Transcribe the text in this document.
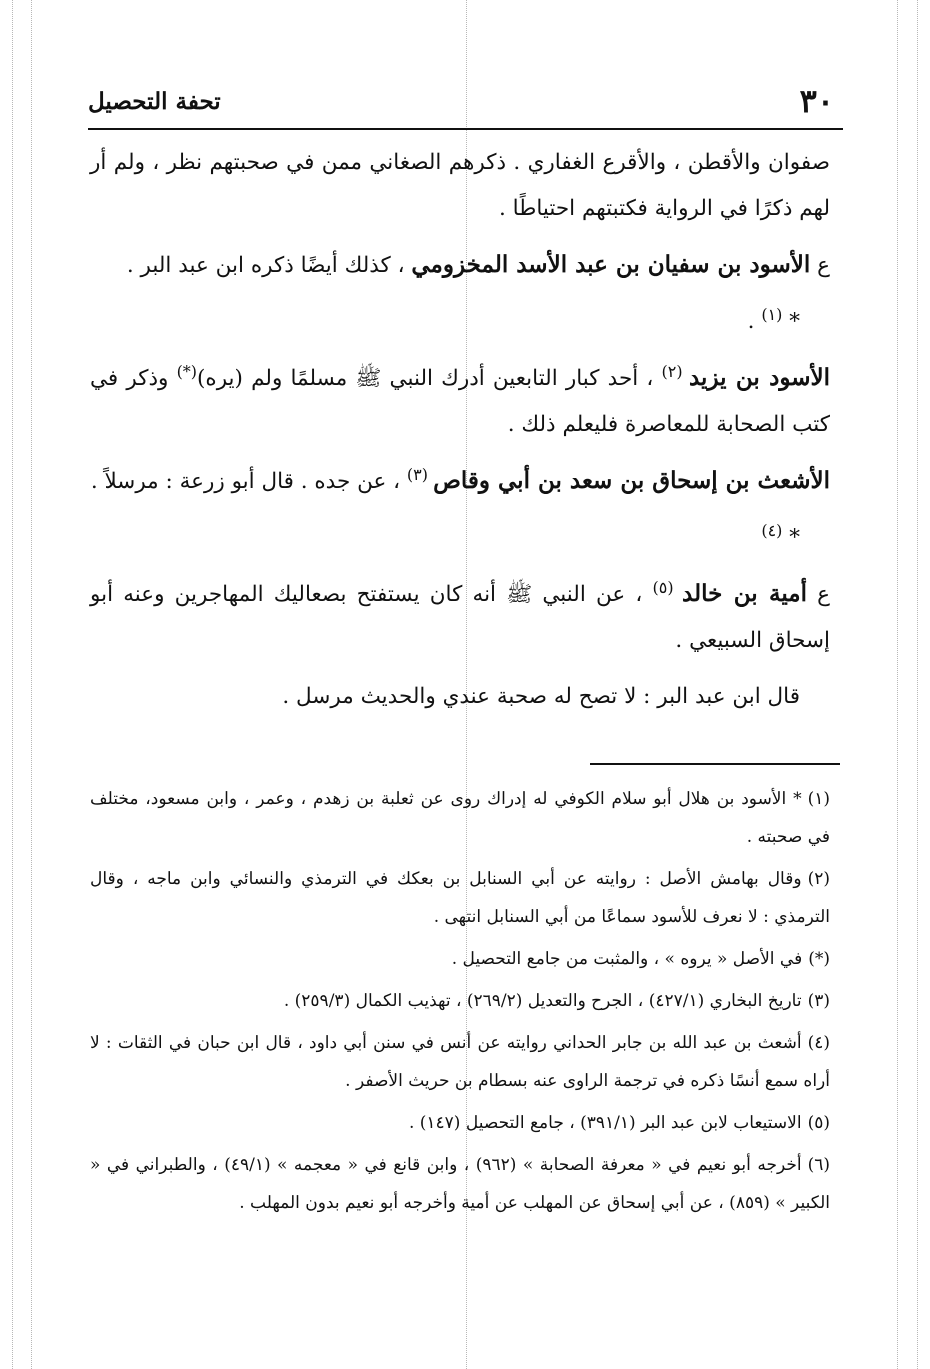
٣٠
تحفة التحصيل

صفوان والأقطن ، والأقرع الغفاري . ذكرهم الصغاني ممن في صحبتهم نظر ، ولم أر لهم ذكرًا في الرواية فكتبتهم احتياطًا .

ع الأسود بن سفيان بن عبد الأسد المخزومي ، كذلك أيضًا ذكره ابن عبد البر .

* $^{(١)}$ .

الأسود بن يزيد $^{(٢)}$ ، أحد كبار التابعين أدرك النبي ﷺ مسلمًا ولم (يره)(*) وذكر في كتب الصحابة للمعاصرة فليعلم ذلك .

الأشعث بن إسحاق بن سعد بن أبي وقاص $^{(٣)}$ ، عن جده . قال أبو زرعة : مرسلاً .

* $^{(٤)}$

ع أمية بن خالد $^{(٥)}$ ، عن النبي ﷺ أنه كان يستفتح بصعاليك المهاجرين وعنه أبو إسحاق السبيعي .

قال ابن عبد البر : لا تصح له صحبة عندي والحديث مرسل .

(١)* الأسود بن هلال أبو سلام الكوفي له إدراك روى عن ثعلبة بن زهدم ، وعمر ، وابن مسعود، مختلف في صحبته .
(٢)وقال بهامش الأصل : روايته عن أبي السنابل بن بعكك في الترمذي والنسائي وابن ماجه ، وقال الترمذي : لا نعرف للأسود سماعًا من أبي السنابل انتهى .
(*)في الأصل « يروه » ، والمثبت من جامع التحصيل .
(٣)تاريخ البخاري (٤٢٧/١) ، الجرح والتعديل (٢٦٩/٢) ، تهذيب الكمال (٢٥٩/٣) .
(٤)أشعث بن عبد الله بن جابر الحداني روايته عن أنس في سنن أبي داود ، قال ابن حبان في الثقات : لا أراه سمع أنسًا ذكره في ترجمة الراوى عنه بسطام بن حريث الأصفر .
(٥)الاستيعاب لابن عبد البر (٣٩١/١) ، جامع التحصيل (١٤٧) .
(٦)أخرجه أبو نعيم في « معرفة الصحابة » (٩٦٢) ، وابن قانع في « معجمه » (٤٩/١) ، والطبراني في « الكبير » (٨٥٩) ، عن أبي إسحاق عن المهلب عن أمية وأخرجه أبو نعيم بدون المهلب .
